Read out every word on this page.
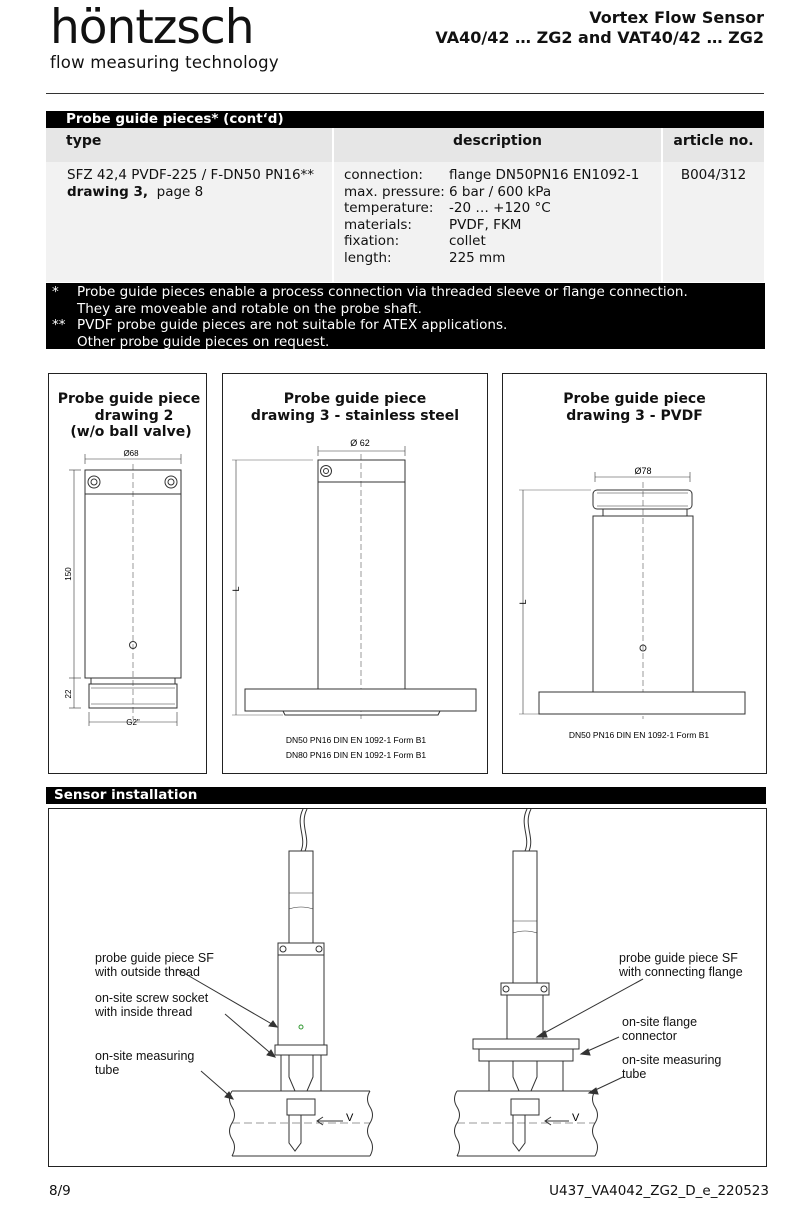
höntzsch
flow measuring technology
Vortex Flow Sensor
VA40/42 … ZG2 and VAT40/42 … ZG2
Probe guide pieces* (cont‘d)
type	description	article no.
SFZ 42,4 PVDF-225 / F-DN50 PN16**
drawing 3, page 8
connection:	flange DN50PN16 EN1092-1
max. pressure: 6 bar / 600 kPa
temperature:	-20 … +120 °C
materials:	PVDF, FKM
fixation:	collet
length:	225 mm
B004/312
*	Probe guide pieces enable a process connection via threaded sleeve or flange connection.
They are moveable and rotable on the probe shaft.
** PVDF probe guide pieces are not suitable for ATEX applications.
Other probe guide pieces on request.
Probe guide piece
drawing 2
(w/o ball valve)
Ø68
150
22
G2"
Probe guide piece
drawing 3 - stainless steel
L
Ø 62
DN50 PN16 DIN EN 1092-1 Form B1
DN80 PN16 DIN EN 1092-1 Form B1
Probe guide piece
drawing 3 - PVDF
L
Ø78
DN50 PN16 DIN EN 1092-1 Form B1
Sensor installation
V	V
probe guide piece SF
with outside thread
on-site screw socket
with inside thread
on-site measuring
tube
probe guide piece SF
with connecting flange
on-site flange
connector
on-site measuring
tube
8/9	U437_VA4042_ZG2_D_e_220523
